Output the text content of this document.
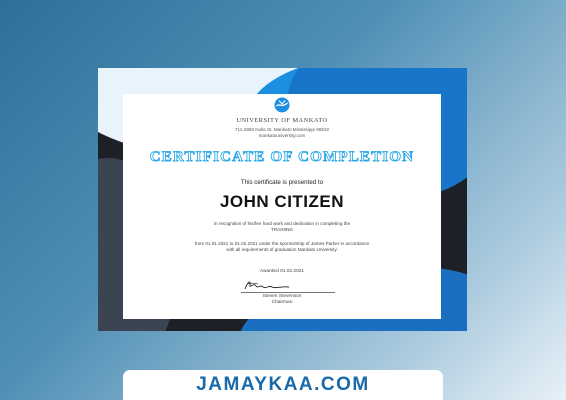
UNIVERSITY OF MANKATO
711-2880 Nulla St. Mankato Mississippi 96522
mankatouniversity.com
CERTIFICATE OF COMPLETION
This certificate is presented to
JOHN CITIZEN
in recognition of his/her hard work and dedication in completing the TRAINING
from 01.01.2021 to 01.02.2021 under the sponsorship of James Parker in accordance with all requirements of graduation Mankato University.
Awarded 01.02.2021
Steven Stevenson
Chairman
JAMAYKAA.COM
